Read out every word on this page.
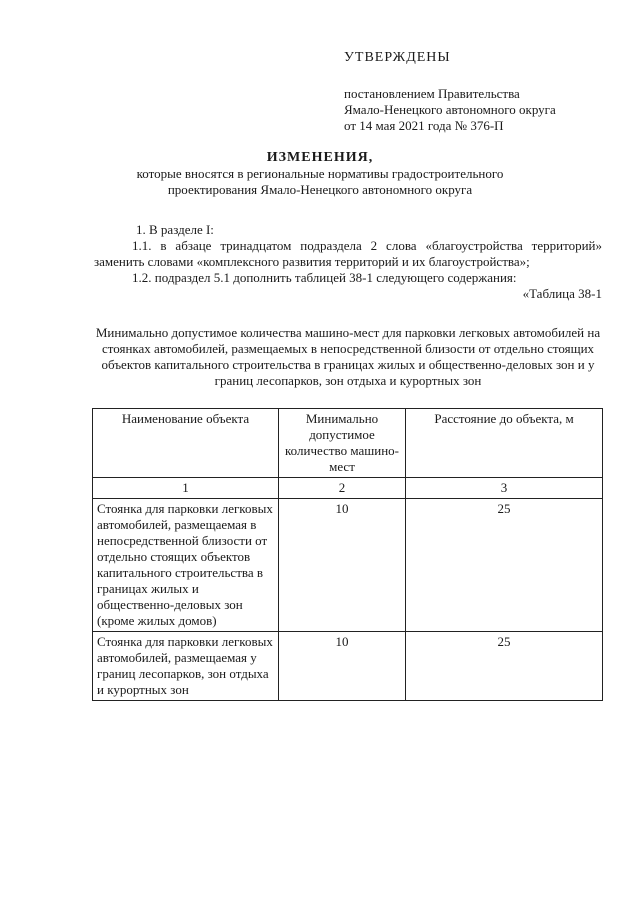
УТВЕРЖДЕНЫ
постановлением Правительства
Ямало-Ненецкого автономного округа
от 14 мая 2021 года № 376-П
ИЗМЕНЕНИЯ,
которые вносятся в региональные нормативы градостроительного
проектирования Ямало-Ненецкого автономного округа

1. В разделе I:

1.1. в абзаце тринадцатом подраздела 2 слова «благоустройства территорий» заменить словами «комплексного развития территорий и их благоустройства»;

1.2. подраздел 5.1 дополнить таблицей 38-1 следующего содержания:

«Таблица 38-1

Минимально допустимое количества машино-мест для парковки легковых автомобилей на стоянках автомобилей, размещаемых в непосредственной близости от отдельно стоящих объектов капитального строительства в границах жилых и общественно-деловых зон и у границ лесопарков, зон отдыха и курортных зон
Наименование объекта	Минимально допустимое количество машино-мест	Расстояние до объекта, м
1	2	3
Стоянка для парковки легковых автомобилей, размещаемая в непосредственной близости от отдельно стоящих объектов капитального строительства в границах жилых и общественно-деловых зон (кроме жилых домов)	10	25
Стоянка для парковки легковых автомобилей, размещаемая у границ лесопарков, зон отдыха и курортных зон	10	25
